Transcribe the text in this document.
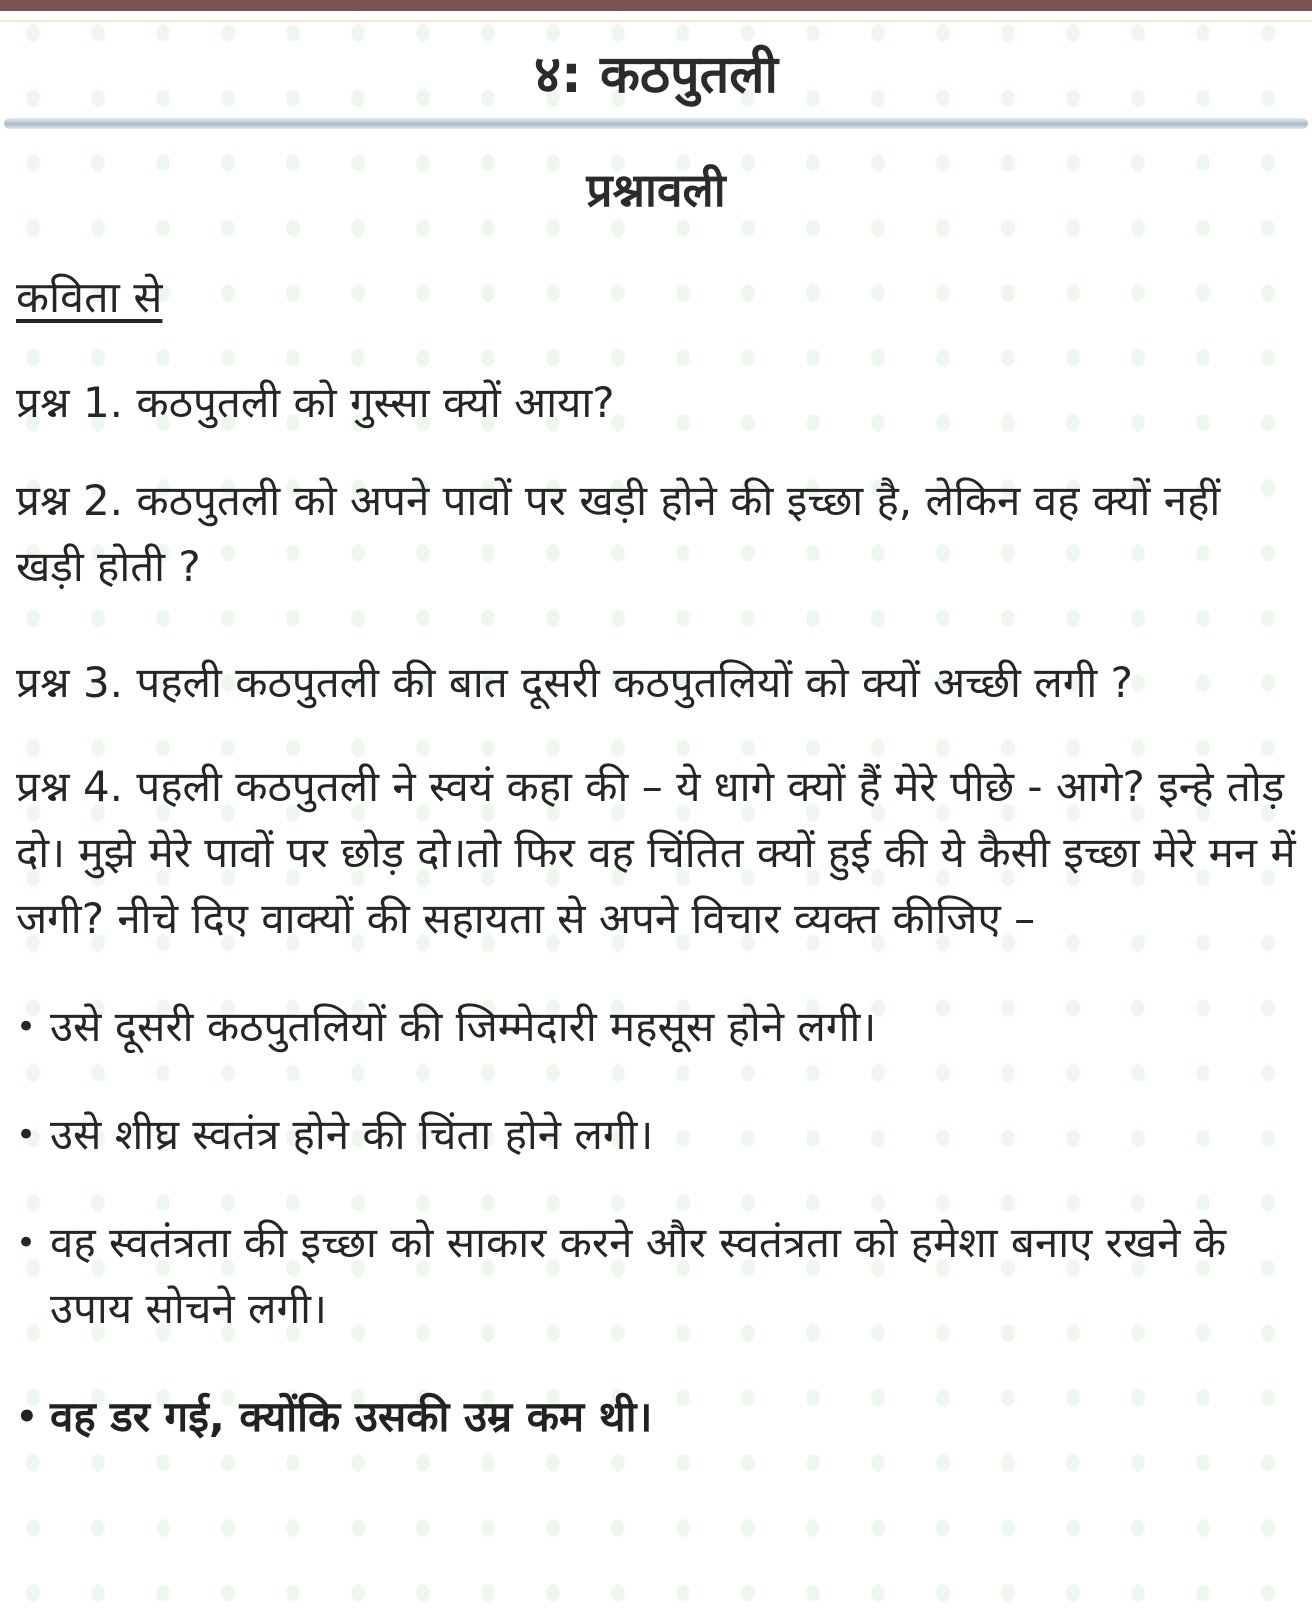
४: कठपुतली
प्रश्नावली
कविता से

प्रश्न 1. कठपुतली को गुस्सा क्यों आया?

प्रश्न 2. कठपुतली को अपने पावों पर खड़ी होने की इच्छा है, लेकिन वह क्यों नहीं खड़ी होती ?

प्रश्न 3. पहली कठपुतली की बात दूसरी कठपुतलियों को क्यों अच्छी लगी ?

प्रश्न 4. पहली कठपुतली ने स्वयं कहा की – ये धागे क्यों हैं मेरे पीछे - आगे? इन्हे तोड़ दो। मुझे मेरे पावों पर छोड़ दो।तो फिर वह चिंतित क्यों हुई की ये कैसी इच्छा मेरे मन में जगी? नीचे दिए वाक्यों की सहायता से अपने विचार व्यक्त कीजिए –

• उसे दूसरी कठपुतलियों की जिम्मेदारी महसूस होने लगी।
• उसे शीघ्र स्वतंत्र होने की चिंता होने लगी।
• वह स्वतंत्रता की इच्छा को साकार करने और स्वतंत्रता को हमेशा बनाए रखने के उपाय सोचने लगी।
• वह डर गई, क्योंकि उसकी उम्र कम थी।
